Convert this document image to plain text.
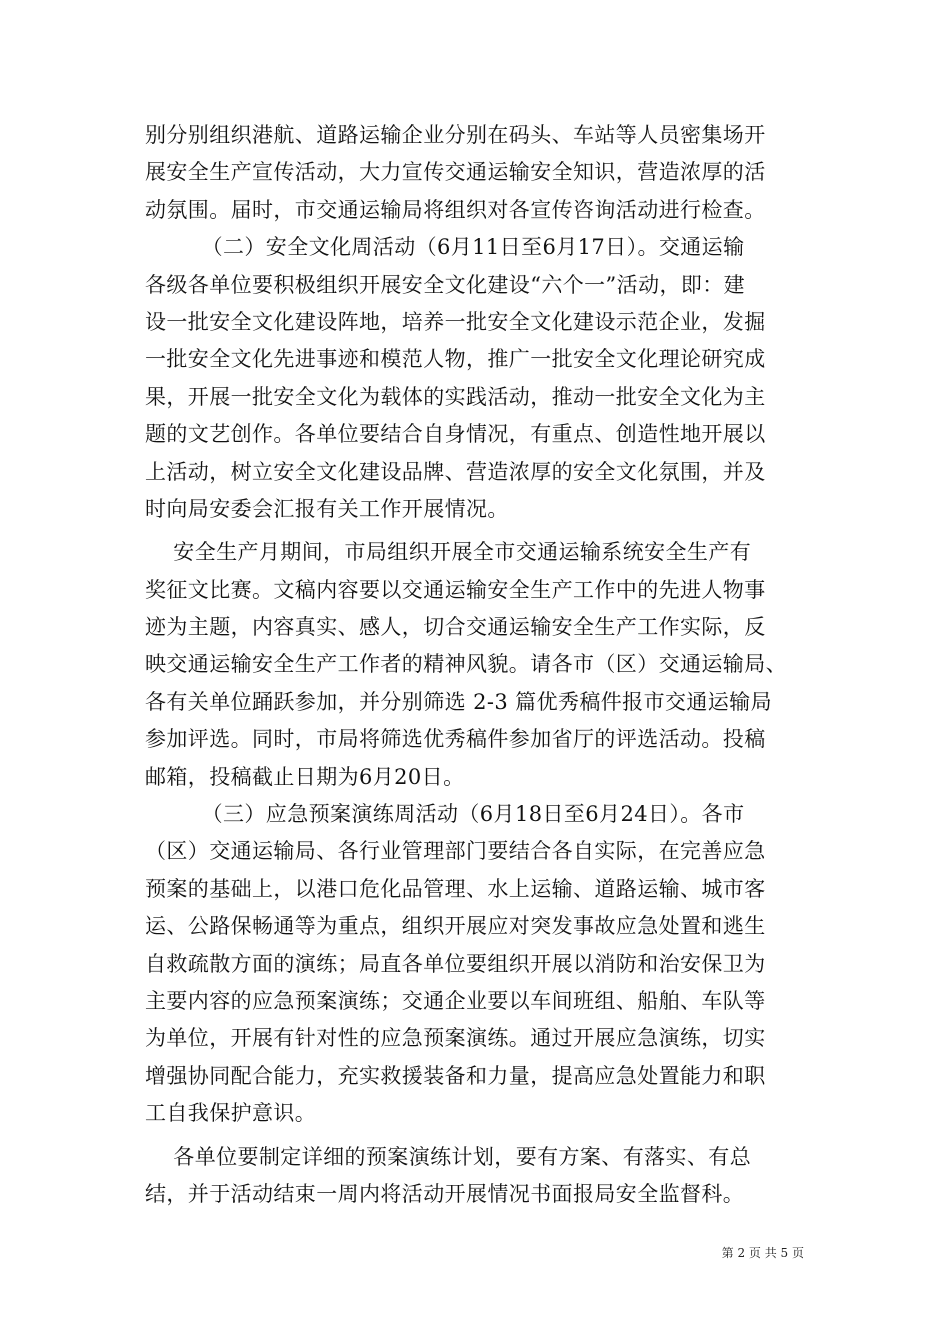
别分别组织港航、道路运输企业分别在码头、车站等人员密集场开
展安全生产宣传活动，大力宣传交通运输安全知识，营造浓厚的活
动氛围。届时，市交通运输局将组织对各宣传咨询活动进行检查。
（二）安全文化周活动（6月11日至6月17日）。交通运输
各级各单位要积极组织开展安全文化建设“六个一”活动，即：建
设一批安全文化建设阵地，培养一批安全文化建设示范企业，发掘
一批安全文化先进事迹和模范人物，推广一批安全文化理论研究成
果，开展一批安全文化为载体的实践活动，推动一批安全文化为主
题的文艺创作。各单位要结合自身情况，有重点、创造性地开展以
上活动，树立安全文化建设品牌、营造浓厚的安全文化氛围，并及
时向局安委会汇报有关工作开展情况。
安全生产月期间，市局组织开展全市交通运输系统安全生产有
奖征文比赛。文稿内容要以交通运输安全生产工作中的先进人物事
迹为主题，内容真实、感人，切合交通运输安全生产工作实际，反
映交通运输安全生产工作者的精神风貌。请各市（区）交通运输局、
各有关单位踊跃参加，并分别筛选 2-3 篇优秀稿件报市交通运输局
参加评选。同时，市局将筛选优秀稿件参加省厅的评选活动。投稿
邮箱，投稿截止日期为6月20日。
（三）应急预案演练周活动（6月18日至6月24日）。各市
（区）交通运输局、各行业管理部门要结合各自实际，在完善应急
预案的基础上，以港口危化品管理、水上运输、道路运输、城市客
运、公路保畅通等为重点，组织开展应对突发事故应急处置和逃生
自救疏散方面的演练；局直各单位要组织开展以消防和治安保卫为
主要内容的应急预案演练；交通企业要以车间班组、船舶、车队等
为单位，开展有针对性的应急预案演练。通过开展应急演练，切实
增强协同配合能力，充实救援装备和力量，提高应急处置能力和职
工自我保护意识。
各单位要制定详细的预案演练计划，要有方案、有落实、有总
结，并于活动结束一周内将活动开展情况书面报局安全监督科。
第 2 页 共 5 页
